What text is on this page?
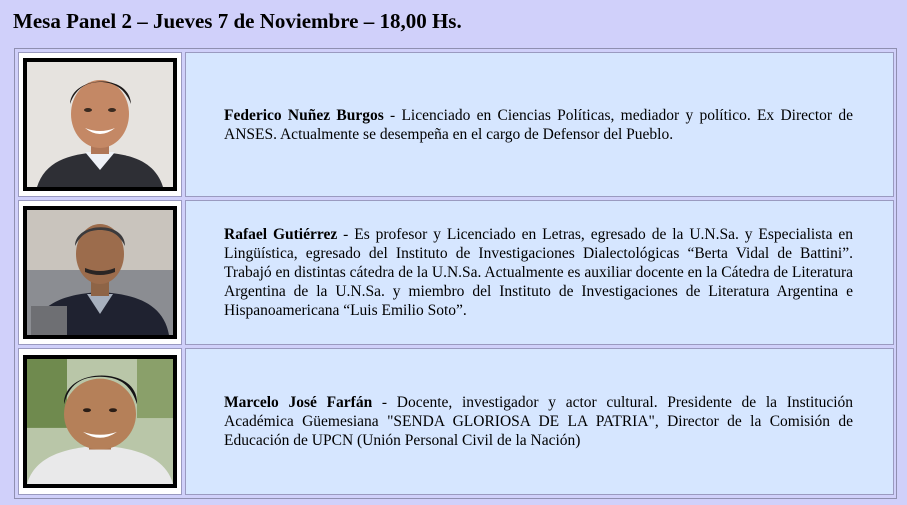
Mesa Panel 2 – Jueves 7 de Noviembre – 18,00 Hs.

Federico Nuñez Burgos - Licenciado en Ciencias Políticas, mediador y político. Ex Director de ANSES. Actualmente se desempeña en el cargo de Defensor del Pueblo.

Rafael Gutiérrez - Es profesor y Licenciado en Letras, egresado de la U.N.Sa. y Especialista en Lingüística, egresado del Instituto de Investigaciones Dialectológicas “Berta Vidal de Battini”. Trabajó en distintas cátedra de la U.N.Sa. Actualmente es auxiliar docente en la Cátedra de Literatura Argentina de la U.N.Sa. y miembro del Instituto de Investigaciones de Literatura Argentina e Hispanoamericana “Luis Emilio Soto”.

Marcelo José Farfán - Docente, investigador y actor cultural. Presidente de la Institución Académica Güemesiana "SENDA GLORIOSA DE LA PATRIA", Director de la Comisión de Educación de UPCN (Unión Personal Civil de la Nación)
